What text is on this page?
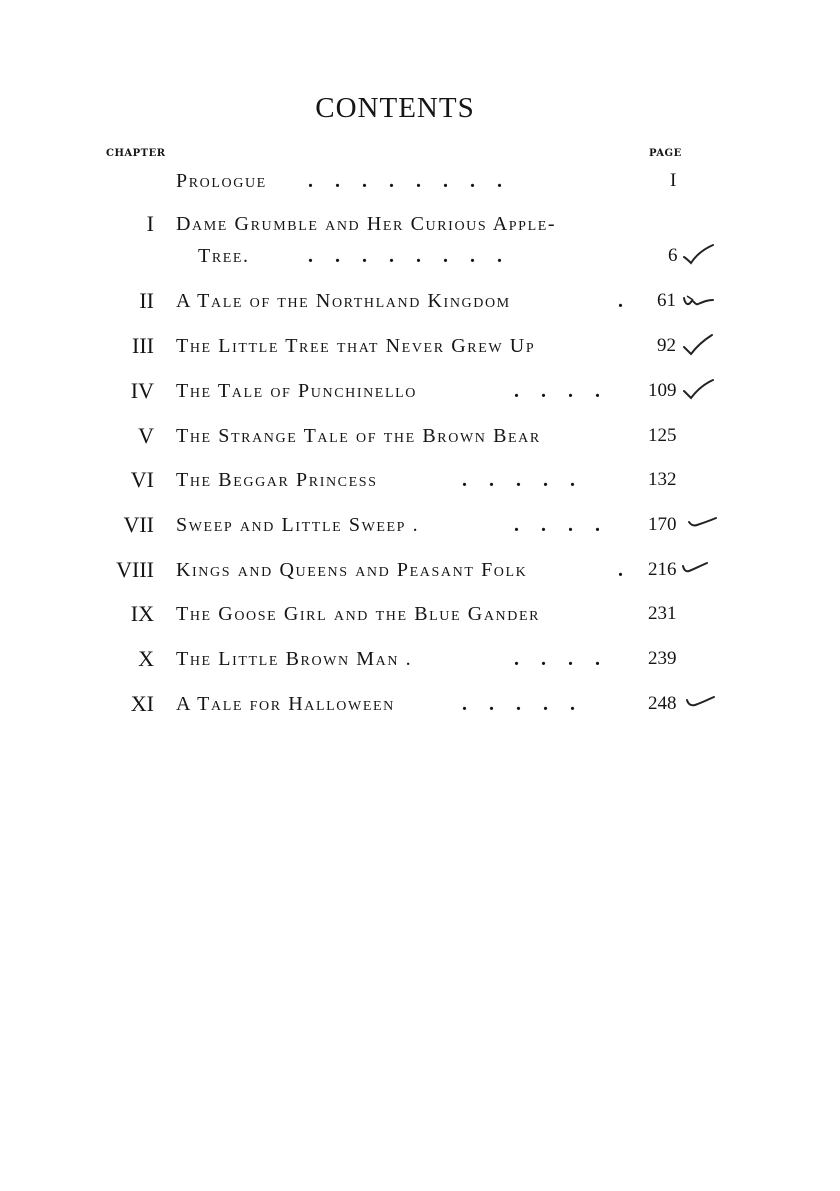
CONTENTS
CHAPTER	PAGE
Prologue ........	I
I Dame Grumble and Her Curious Apple-
Tree.	........	6
II A Tale of the Northland Kingdom	. 61
III The Little Tree that Never Grew Up	92
IV The Tale of Punchinello	.... 109
V The Strange Tale of the Brown Bear	125
VI The Beggar Princess	.....	132
VII Sweep and Little Sweep .	.... 170
VIII Kings and Queens and Peasant Folk	. 216
IX The Goose Girl and the Blue Gander	231
X The Little Brown Man .	.... 239
XI A Tale for Halloween	.....	248
